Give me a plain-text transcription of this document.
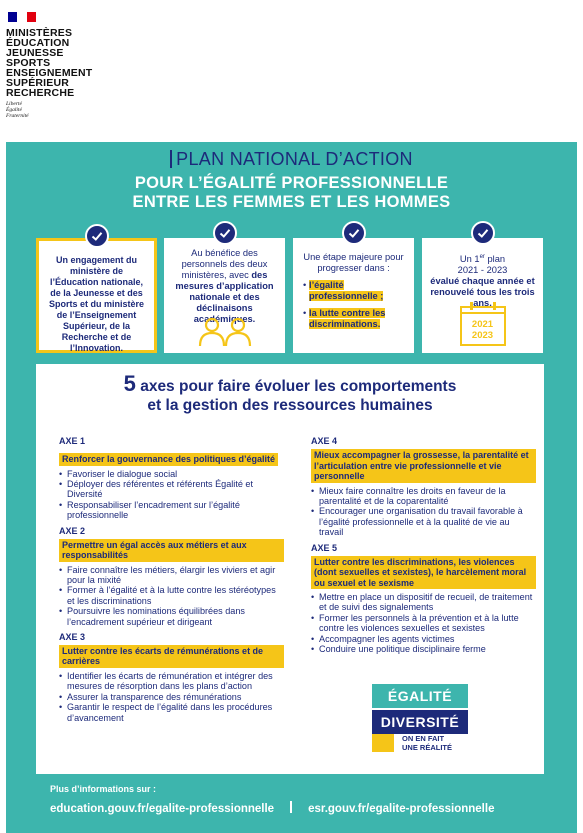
MINISTÈRES
ÉDUCATION
JEUNESSE
SPORTS
ENSEIGNEMENT
SUPÉRIEUR
RECHERCHE
Liberté
Égalité
Fraternité
PLAN NATIONAL D’ACTION
POUR L’ÉGALITÉ PROFESSIONNELLE
ENTRE LES FEMMES ET LES HOMMES
Un engagement du ministère de l’Éducation nationale, de la Jeunesse et des Sports et du ministère de l’Enseignement Supérieur, de la Recherche et de l’Innovation.
Au bénéfice des personnels des deux ministères, avec des mesures d’application nationale et des déclinaisons académiques.
Une étape majeure pour progresser dans :
• l’égalité professionnelle ;
• la lutte contre les discriminations.
Un 1er plan
2021 - 2023
évalué chaque année et renouvelé tous les trois ans.
2021
2023
5 axes pour faire évoluer les comportements
et la gestion des ressources humaines
AXE 1
Renforcer la gouvernance des politiques d’égalité
• Favoriser le dialogue social
• Déployer des référentes et référents Égalité et Diversité
• Responsabiliser l’encadrement sur l’égalité professionnelle
AXE 2
Permettre un égal accès aux métiers et aux responsabilités
• Faire connaître les métiers, élargir les viviers et agir pour la mixité
• Former à l’égalité et à la lutte contre les stéréotypes et les discriminations
• Poursuivre les nominations équilibrées dans l’encadrement supérieur et dirigeant
AXE 3
Lutter contre les écarts de rémunérations et de carrières
• Identifier les écarts de rémunération et intégrer des mesures de résorption dans les plans d’action
• Assurer la transparence des rémunérations
• Garantir le respect de l’égalité dans les procédures d’avancement
AXE 4
Mieux accompagner la grossesse, la parentalité et l’articulation entre vie professionnelle et vie personnelle
• Mieux faire connaître les droits en faveur de la parentalité et de la coparentalité
• Encourager une organisation du travail favorable à l’égalité professionnelle et à la qualité de vie au travail
AXE 5
Lutter contre les discriminations, les violences (dont sexuelles et sexistes), le harcèlement moral ou sexuel et le sexisme
• Mettre en place un dispositif de recueil, de traitement et de suivi des signalements
• Former les personnels à la prévention et à la lutte contre les violences sexuelles et sexistes
• Accompagner les agents victimes
• Conduire une politique disciplinaire ferme
ÉGALITÉ
DIVERSITÉ
ON EN FAIT
UNE RÉALITÉ
Plus d’informations sur :
education.gouv.fr/egalite-professionnelle	esr.gouv.fr/egalite-professionnelle
